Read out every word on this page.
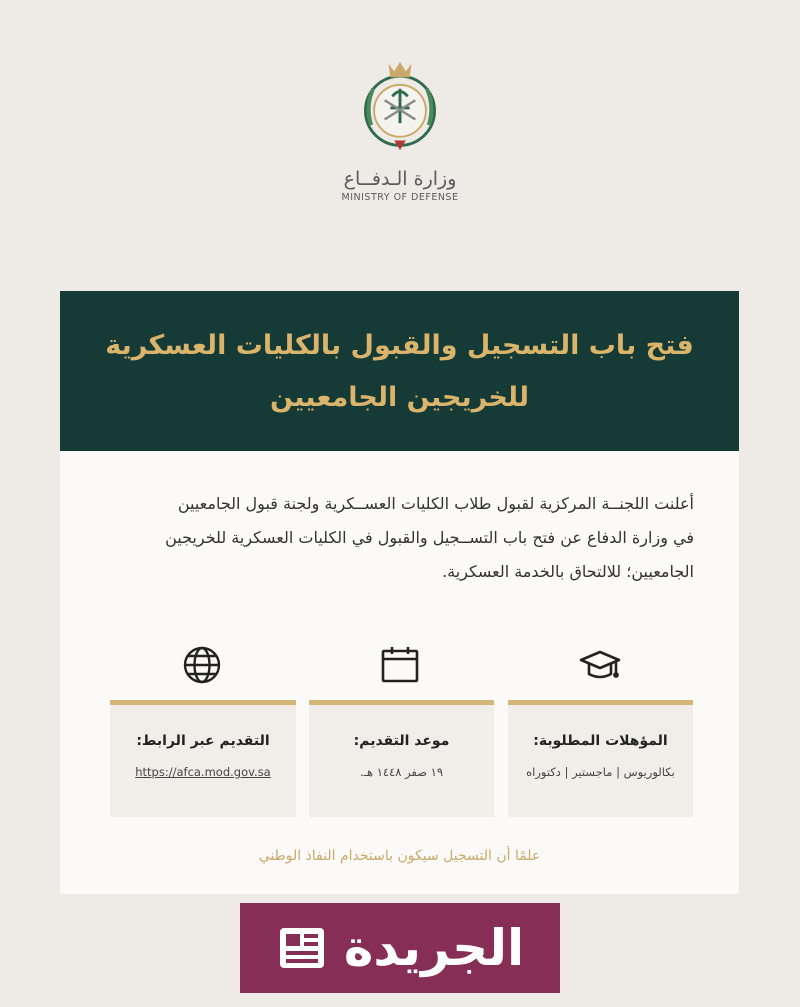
وزارة الـدفــاع
MINISTRY OF DEFENSE
فتح باب التسجيل والقبول بالكليات العسكرية
للخريجين الجامعيين
أعلنت اللجنــة المركزية لقبول طلاب الكليات العســكرية ولجنة قبول الجامعيين
في وزارة الدفاع عن فتح باب التســجيل والقبول في الكليات العسكرية للخريجين
الجامعيين؛ للالتحاق بالخدمة العسكرية.
المؤهلات المطلوبة:
بكالوريوس | ماجستير | دكتوراه
موعد التقديم:
١٩ صفر ١٤٤٨ هـ.
التقديم عبر الرابط:
https://afca.mod.gov.sa
علمًا أن التسجيل سيكون باستخدام النفاذ الوطني
الجريدة
